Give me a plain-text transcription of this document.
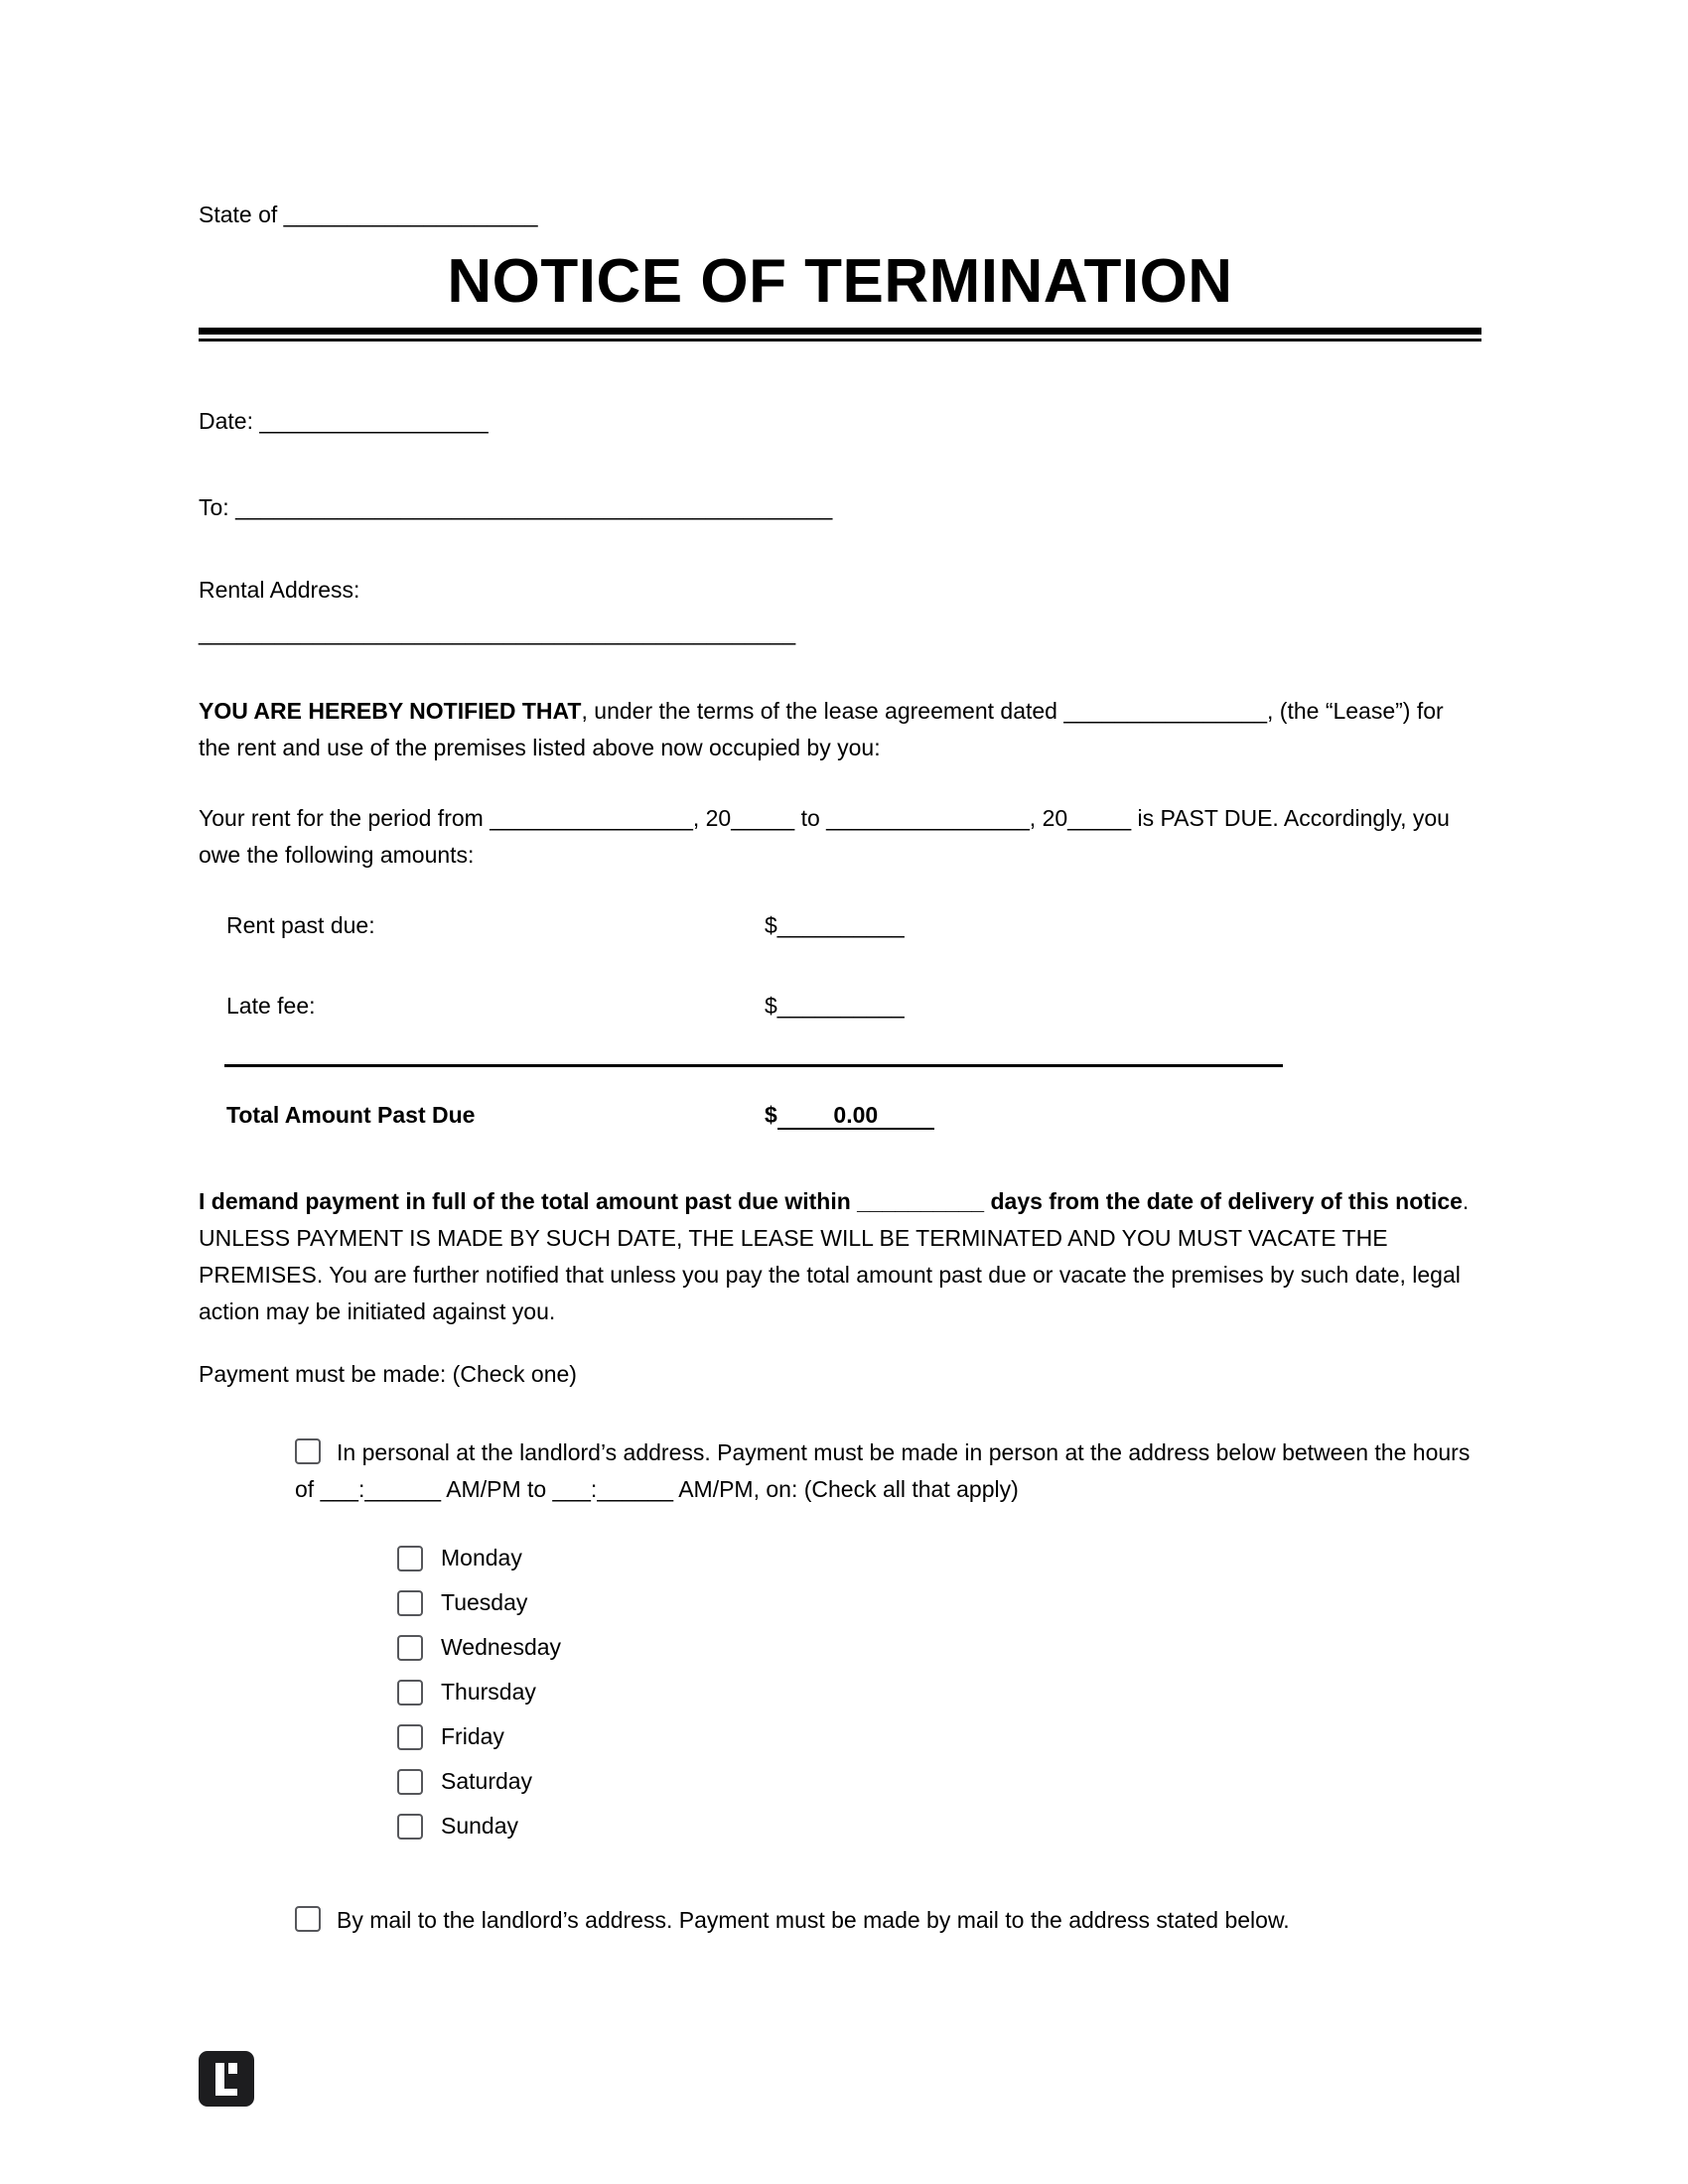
State of ____________________
NOTICE OF TERMINATION
Date: __________________
To: _______________________________________________
Rental Address:
_______________________________________________

YOU ARE HEREBY NOTIFIED THAT, under the terms of the lease agreement dated ________________, (the “Lease”) for the rent and use of the premises listed above now occupied by you:

Your rent for the period from ________________, 20_____ to ________________, 20_____ is PAST DUE. Accordingly, you owe the following amounts:

Rent past due:	$__________
Late fee:	$__________
Total Amount Past Due	$ 0.00

I demand payment in full of the total amount past due within __________ days from the date of delivery of this notice. UNLESS PAYMENT IS MADE BY SUCH DATE, THE LEASE WILL BE TERMINATED AND YOU MUST VACATE THE PREMISES. You are further notified that unless you pay the total amount past due or vacate the premises by such date, legal action may be initiated against you.

Payment must be made: (Check one)

In personal at the landlord’s address. Payment must be made in person at the address below between the hours of ___:______ AM/PM to ___:______ AM/PM, on: (Check all that apply)
Monday
Tuesday
Wednesday
Thursday
Friday
Saturday
Sunday
By mail to the landlord’s address. Payment must be made by mail to the address stated below.
